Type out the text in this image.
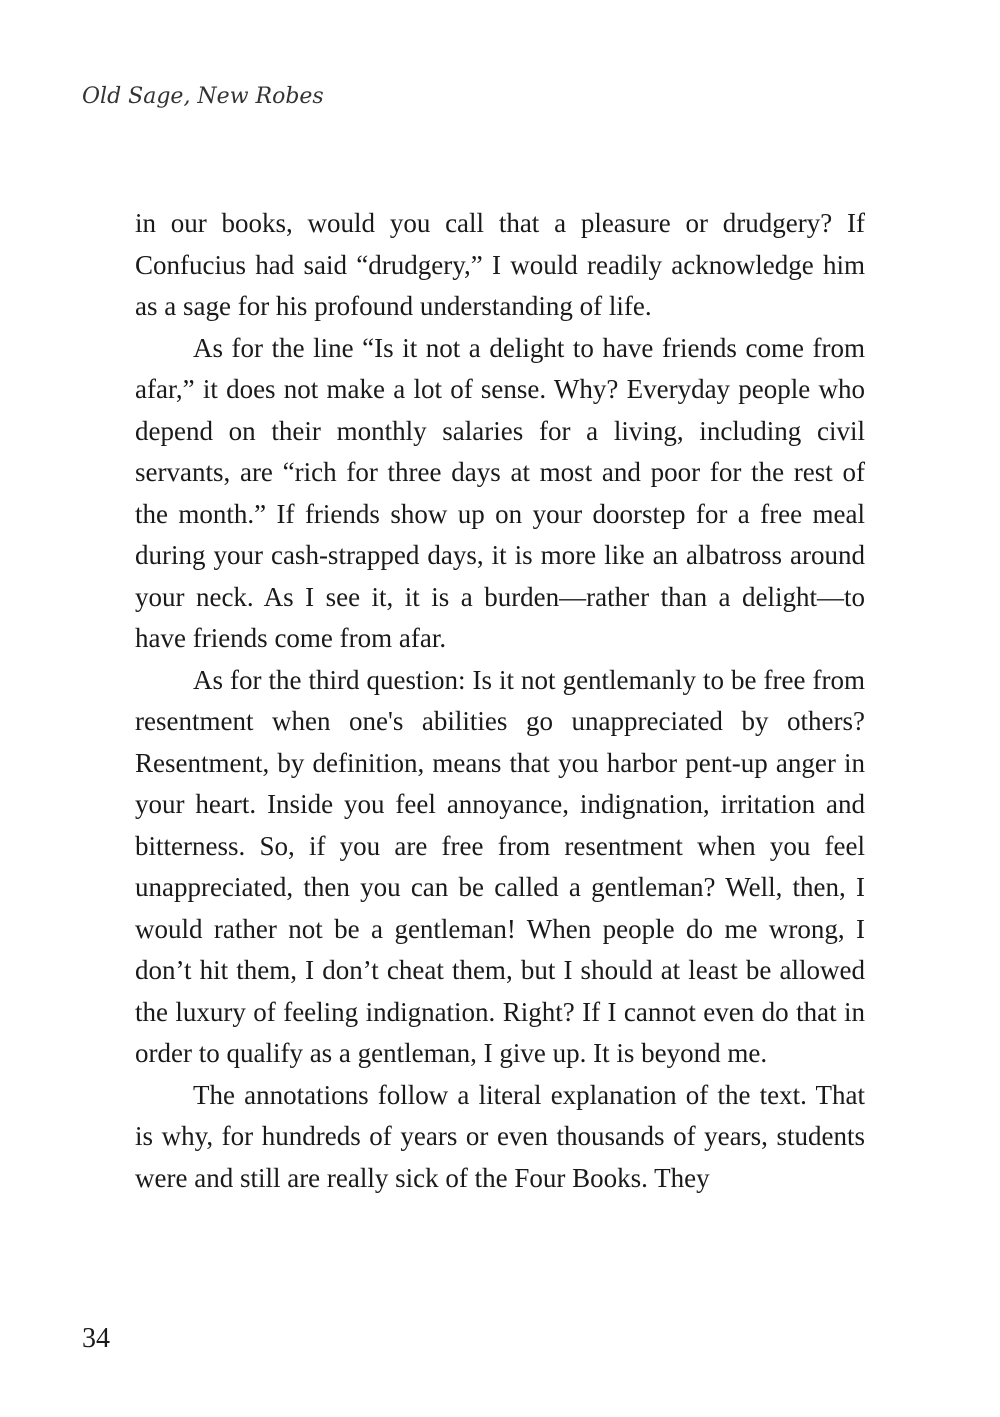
Old Sage, New Robes

in our books, would you call that a pleasure or drudgery? If Confucius had said “drudgery,” I would readily acknowledge him as a sage for his profound understanding of life.

As for the line “Is it not a delight to have friends come from afar,” it does not make a lot of sense. Why? Everyday people who depend on their monthly salaries for a living, including civil servants, are “rich for three days at most and poor for the rest of the month.” If friends show up on your doorstep for a free meal during your cash-strapped days, it is more like an albatross around your neck. As I see it, it is a burden—rather than a delight—to have friends come from afar.

As for the third question: Is it not gentlemanly to be free from resentment when one's abilities go unappreciated by others? Resentment, by definition, means that you harbor pent-up anger in your heart. Inside you feel annoyance, indignation, irritation and bitterness. So, if you are free from resentment when you feel unappreciated, then you can be called a gentleman? Well, then, I would rather not be a gentleman! When people do me wrong, I don’t hit them, I don’t cheat them, but I should at least be allowed the luxury of feeling indignation. Right? If I cannot even do that in order to qualify as a gentleman, I give up. It is beyond me.

The annotations follow a literal explanation of the text. That is why, for hundreds of years or even thousands of years, students were and still are really sick of the Four Books. They

34
